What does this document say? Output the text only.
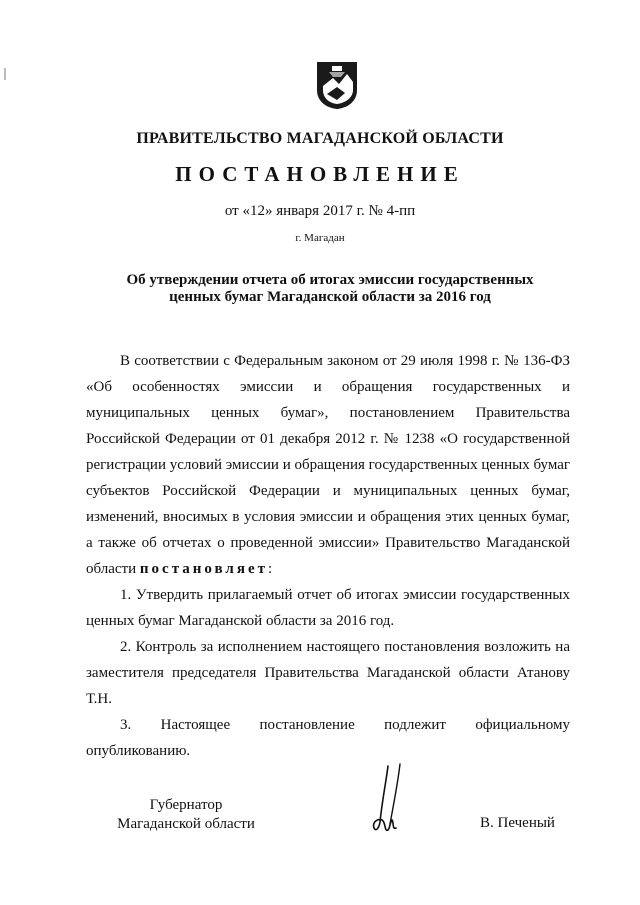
ПРАВИТЕЛЬСТВО МАГАДАНСКОЙ ОБЛАСТИ
ПОСТАНОВЛЕНИЕ
от «12» января 2017 г. № 4-пп
г. Магадан
Об утверждении отчета об итогах эмиссии государственных
ценных бумаг Магаданской области за 2016 год

В соответствии с Федеральным законом от 29 июля 1998 г. № 136-ФЗ «Об особенностях эмиссии и обращения государственных и муниципальных ценных бумаг», постановлением Правительства Российской Федерации от 01 декабря 2012 г. № 1238 «О государственной регистрации условий эмиссии и обращения государственных ценных бумаг субъектов Российской Федерации и муниципальных ценных бумаг, изменений, вносимых в условия эмиссии и обращения этих ценных бумаг, а также об отчетах о проведенной эмиссии» Правительство Магаданской области постановляет:

1. Утвердить прилагаемый отчет об итогах эмиссии государственных ценных бумаг Магаданской области за 2016 год.

2. Контроль за исполнением настоящего постановления возложить на заместителя председателя Правительства Магаданской области Атанову Т.Н.

3. Настоящее постановление подлежит официальному опубликованию.

Губернатор
Магаданской области	В. Печеный
